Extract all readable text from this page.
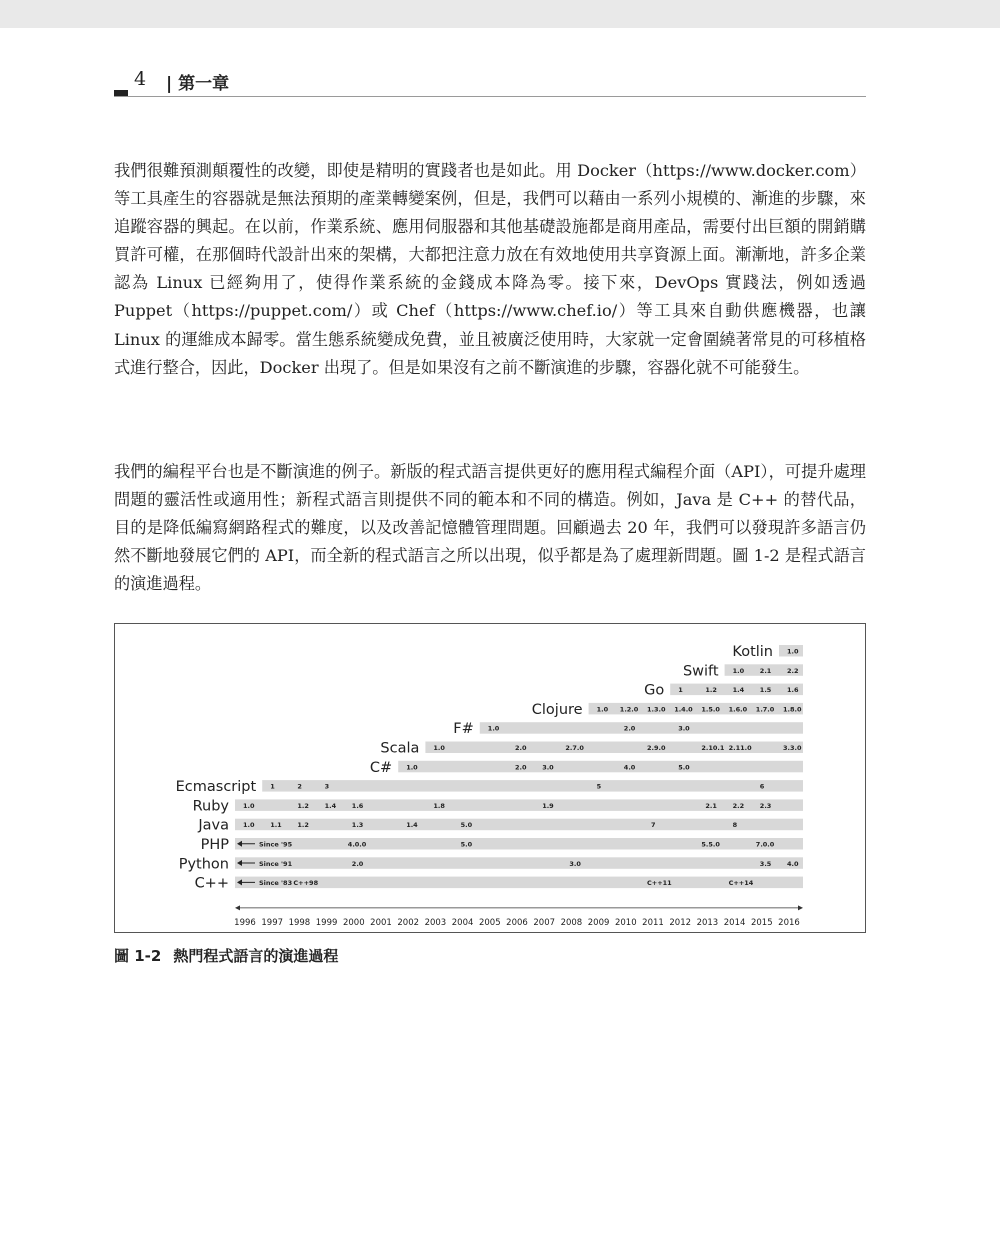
4 | 第一章
我們很難預測顛覆性的改變，即使是精明的實踐者也是如此。用 Docker（https://www.docker.com）等工具產生的容器就是無法預期的產業轉變案例，但是，我們可以藉由一系列小規模的、漸進的步驟，來追蹤容器的興起。在以前，作業系統、應用伺服器和其他基礎設施都是商用產品，需要付出巨額的開銷購買許可權，在那個時代設計出來的架構，大都把注意力放在有效地使用共享資源上面。漸漸地，許多企業認為 Linux 已經夠用了，使得作業系統的金錢成本降為零。接下來，DevOps 實踐法，例如透過 Puppet（https://puppet.com/）或 Chef（https://www.chef.io/）等工具來自動供應機器，也讓 Linux 的運維成本歸零。當生態系統變成免費，並且被廣泛使用時，大家就一定會圍繞著常見的可移植格式進行整合，因此，Docker 出現了。但是如果沒有之前不斷演進的步驟，容器化就不可能發生。
我們的編程平台也是不斷演進的例子。新版的程式語言提供更好的應用程式編程介面（API），可提升處理問題的靈活性或適用性；新程式語言則提供不同的範本和不同的構造。例如，Java 是 C++ 的替代品，目的是降低編寫網路程式的難度，以及改善記憶體管理問題。回顧過去 20 年，我們可以發現許多語言仍然不斷地發展它們的 API，而全新的程式語言之所以出現，似乎都是為了處理新問題。圖 1-2 是程式語言的演進過程。
Kotlin 1.0
Swift 1.0 2.1 2.2
Go 1	1.2 1.4 1.5 1.6
Clojure 1.0 1.2.0 1.3.0 1.4.0 1.5.0 1.6.0 1.7.0 1.8.0
F# 1.0	2.0	3.0
Scala 1.0	2.0	2.7.0	2.9.0	2.10.1 2.11.0	3.3.0
C# 1.0	2.0 3.0	4.0	5.0
Ecmascript 1	2	3	5	6
Ruby 1.0	1.2 1.4 1.6	1.8	1.9	2.1 2.2 2.3
Java 1.0 1.1 1.2	1.3	1.4	5.0	7	8
PHP	Since '95	4.0.0	5.0	5.5.0	7.0.0
Python	Since '91	2.0	3.0	3.5 4.0
C++	Since '83 C++98	C++11	C++14
1996 1997 1998 1999 2000 2001 2002 2003 2004 2005 2006 2007 2008 2009 2010 2011 2012 2013 2014 2015 2016
圖 1-2 熱門程式語言的演進過程
